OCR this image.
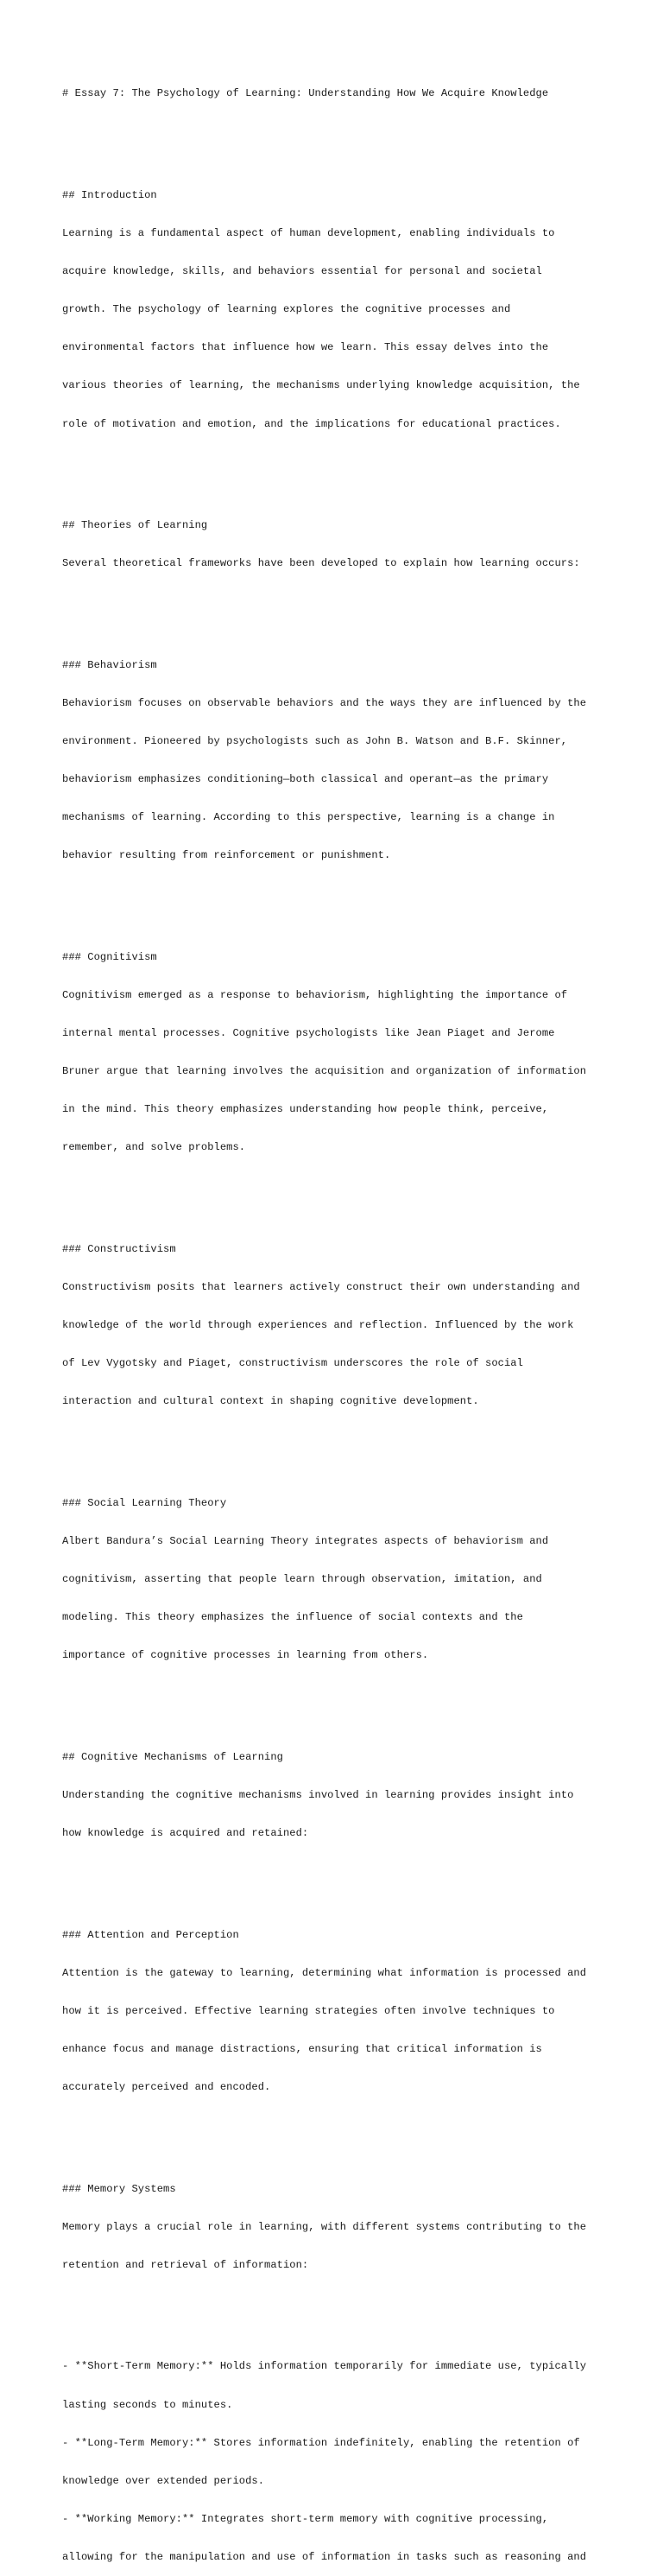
# Essay 7: The Psychology of Learning: Understanding How We Acquire Knowledge

## Introduction

Learning is a fundamental aspect of human development, enabling individuals to

acquire knowledge, skills, and behaviors essential for personal and societal

growth. The psychology of learning explores the cognitive processes and

environmental factors that influence how we learn. This essay delves into the

various theories of learning, the mechanisms underlying knowledge acquisition, the

role of motivation and emotion, and the implications for educational practices.

## Theories of Learning

Several theoretical frameworks have been developed to explain how learning occurs:

### Behaviorism

Behaviorism focuses on observable behaviors and the ways they are influenced by the

environment. Pioneered by psychologists such as John B. Watson and B.F. Skinner,

behaviorism emphasizes conditioning—both classical and operant—as the primary

mechanisms of learning. According to this perspective, learning is a change in

behavior resulting from reinforcement or punishment.

### Cognitivism

Cognitivism emerged as a response to behaviorism, highlighting the importance of

internal mental processes. Cognitive psychologists like Jean Piaget and Jerome

Bruner argue that learning involves the acquisition and organization of information

in the mind. This theory emphasizes understanding how people think, perceive,

remember, and solve problems.

### Constructivism

Constructivism posits that learners actively construct their own understanding and

knowledge of the world through experiences and reflection. Influenced by the work

of Lev Vygotsky and Piaget, constructivism underscores the role of social

interaction and cultural context in shaping cognitive development.

### Social Learning Theory

Albert Bandura’s Social Learning Theory integrates aspects of behaviorism and

cognitivism, asserting that people learn through observation, imitation, and

modeling. This theory emphasizes the influence of social contexts and the

importance of cognitive processes in learning from others.

## Cognitive Mechanisms of Learning

Understanding the cognitive mechanisms involved in learning provides insight into

how knowledge is acquired and retained:

### Attention and Perception

Attention is the gateway to learning, determining what information is processed and

how it is perceived. Effective learning strategies often involve techniques to

enhance focus and manage distractions, ensuring that critical information is

accurately perceived and encoded.

### Memory Systems

Memory plays a crucial role in learning, with different systems contributing to the

retention and retrieval of information:

- **Short-Term Memory:** Holds information temporarily for immediate use, typically

lasting seconds to minutes.

- **Long-Term Memory:** Stores information indefinitely, enabling the retention of

knowledge over extended periods.

- **Working Memory:** Integrates short-term memory with cognitive processing,

allowing for the manipulation and use of information in tasks such as reasoning and
